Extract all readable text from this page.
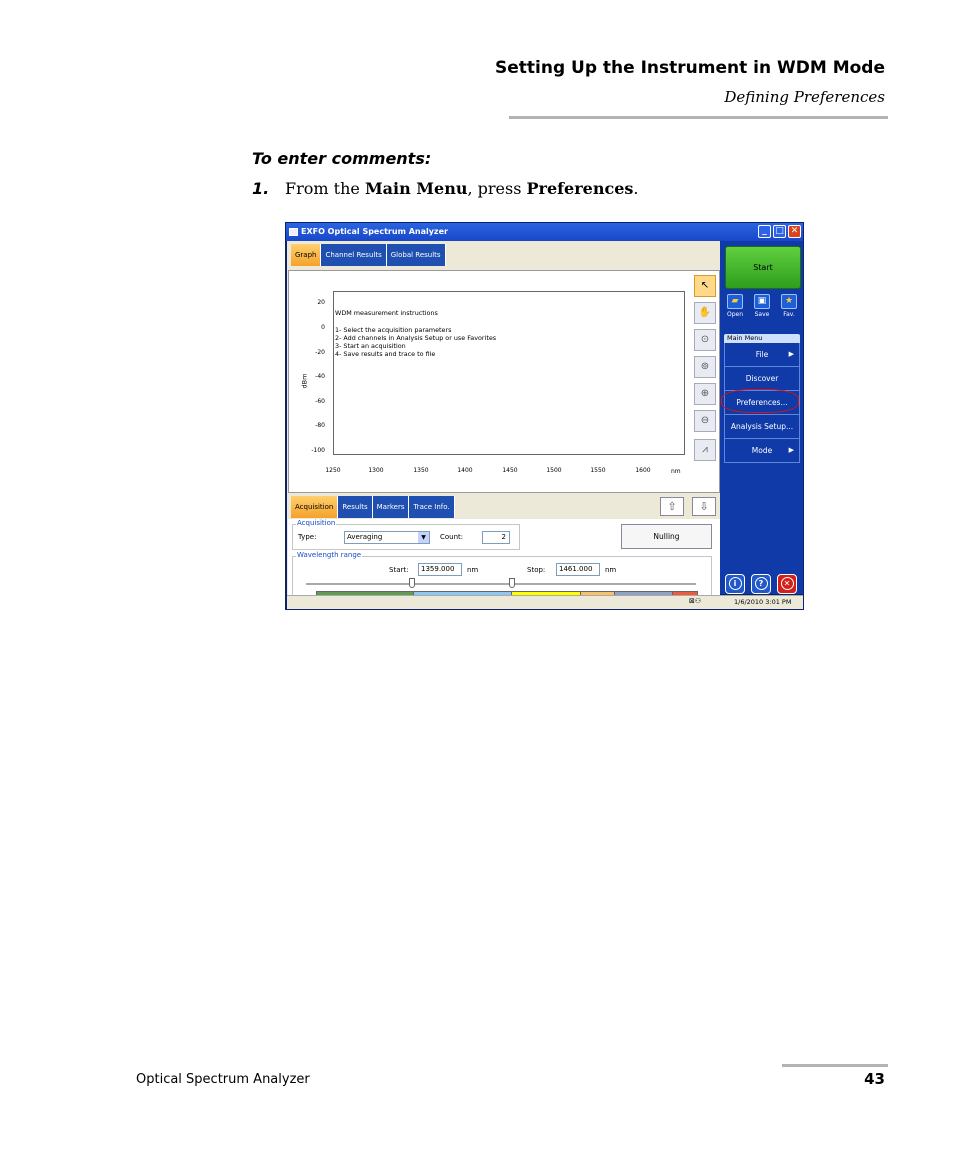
Setting Up the Instrument in WDM Mode
Defining Preferences
To enter comments:
1. From the Main Menu, press Preferences.
EXFO Optical Spectrum Analyzer	_ □ ✕
Graph	Channel Results	Global Results
WDM measurement instructions

1- Select the acquisition parameters
2- Add channels in Analysis Setup or use Favorites
3- Start an acquisition
4- Save results and trace to file
20
0
-20
-40
-60
-80
-100
dBm
1250	1300	1350	1400	1450	1500	1550	1600	nm
↖
✋
⊙
⊚
⊕
⊖
⩘
Acquisition	Results	Markers	Trace Info.	⇧	⇩
Acquisition
Type:	Averaging	▼	Count:	2	Nulling
Wavelength range
Start:	1359.000	nm	Stop:	1461.000	nm
Start
▰
Open
▣
Save
★
Fav.
Main Menu
File	▶
Discover
Preferences...
Analysis Setup...
Mode ▶
i	?	✕
⊠⚇	1/6/2010 3:01 PM
Optical Spectrum Analyzer	43
